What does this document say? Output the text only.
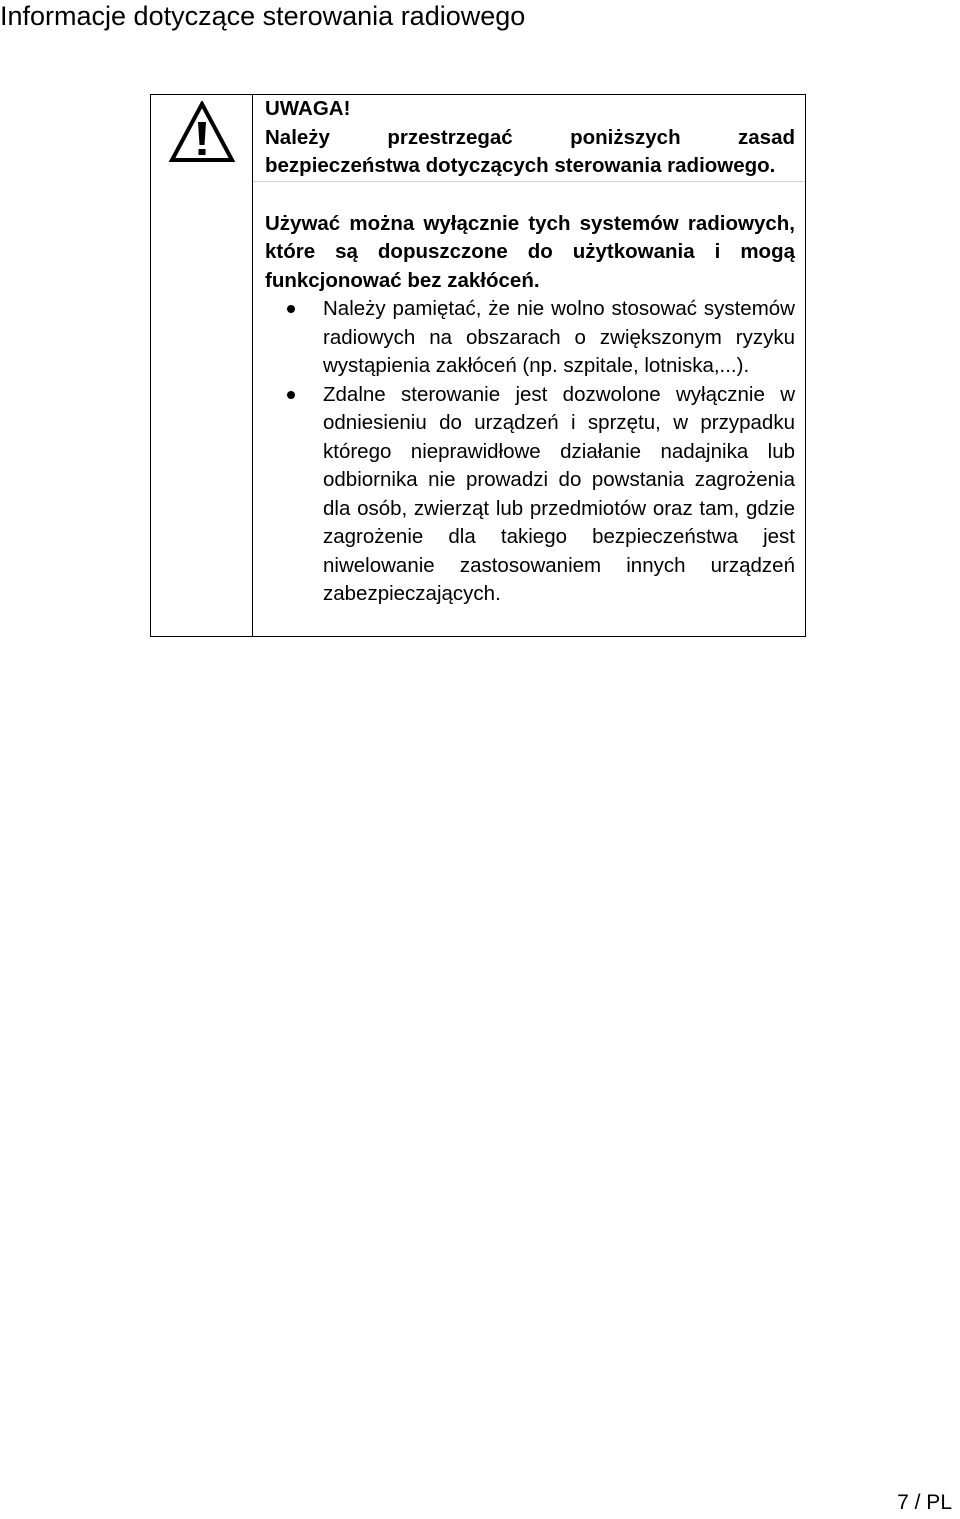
Informacje dotyczące sterowania radiowego

UWAGA!

Należy przestrzegać poniższych zasad bezpieczeństwa dotyczących sterowania radiowego.

Używać można wyłącznie tych systemów radiowych, które są dopuszczone do użytkowania i mogą funkcjonować bez zakłóceń.

Należy pamiętać, że nie wolno stosować systemów radiowych na obszarach o zwiększonym ryzyku wystąpienia zakłóceń (np. szpitale, lotniska,...).
Zdalne sterowanie jest dozwolone wyłącznie w odniesieniu do urządzeń i sprzętu, w przypadku którego nieprawidłowe działanie nadajnika lub odbiornika nie prowadzi do powstania zagrożenia dla osób, zwierząt lub przedmiotów oraz tam, gdzie zagrożenie dla takiego bezpieczeństwa jest niwelowanie zastosowaniem innych urządzeń zabezpieczających.
7 / PL
